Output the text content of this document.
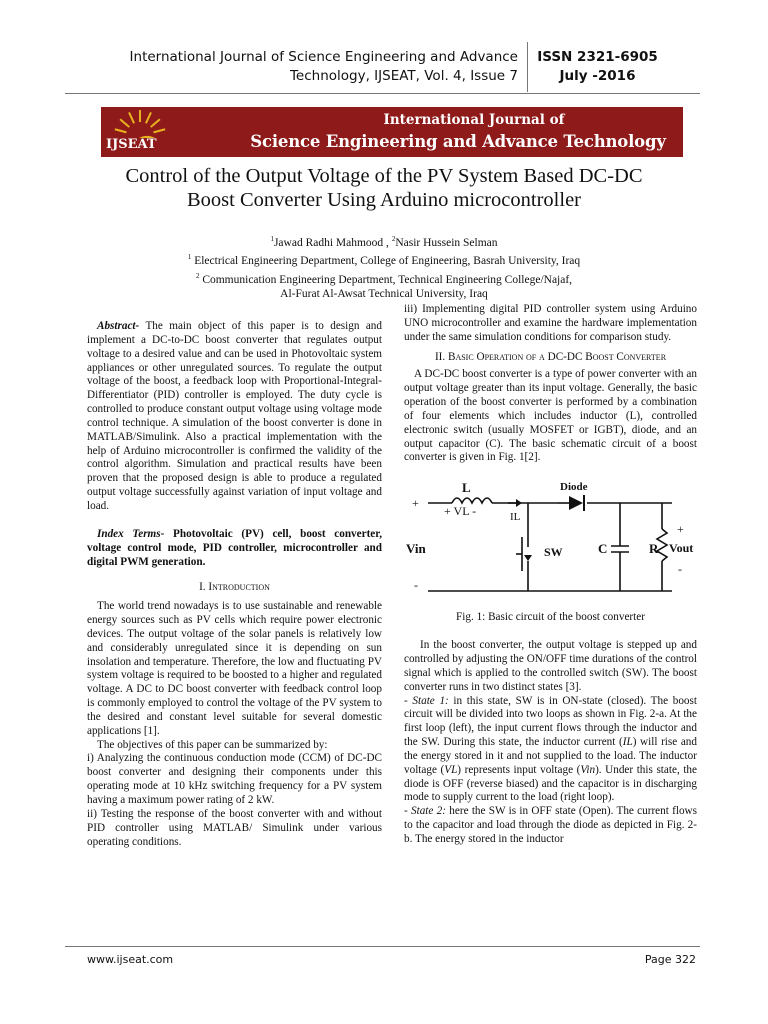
International Journal of Science Engineering and Advance
Technology, IJSEAT, Vol. 4, Issue 7
ISSN 2321-6905
July -2016
IJSEAT
International Journal of
Science Engineering and Advance Technology
Control of the Output Voltage of the PV System Based DC-DC
Boost Converter Using Arduino microcontroller
$^1$Jawad Radhi Mahmood , $^2$Nasir Hussein Selman
$^1$ Electrical Engineering Department, College of Engineering, Basrah University, Iraq
$^2$ Communication Engineering Department, Technical Engineering College/Najaf,
Al-Furat Al-Awsat Technical University, Iraq

Abstract- The main object of this paper is to design and implement a DC-to-DC boost converter that regulates output voltage to a desired value and can be used in Photovoltaic system appliances or other unregulated sources. To regulate the output voltage of the boost, a feedback loop with Proportional-Integral-Differentiator (PID) controller is employed. The duty cycle is controlled to produce constant output voltage using voltage mode control technique. A simulation of the boost converter is done in MATLAB/Simulink. Also a practical implementation with the help of Arduino microcontroller is confirmed the validity of the control algorithm. Simulation and practical results have been proven that the proposed design is able to produce a regulated output voltage successfully against variation of input voltage and load.

Index Terms- Photovoltaic (PV) cell, boost converter, voltage control mode, PID controller, microcontroller and digital PWM generation.

I. Introduction

The world trend nowadays is to use sustainable and renewable energy sources such as PV cells which require power electronic devices. The output voltage of the solar panels is relatively low and considerably unregulated since it is depending on sun insolation and temperature. Therefore, the low and fluctuating PV system voltage is required to be boosted to a higher and regulated voltage. A DC to DC boost converter with feedback control loop is commonly employed to control the voltage of the PV system to the desired and constant level suitable for several domestic applications [1].

The objectives of this paper can be summarized by:

i) Analyzing the continuous conduction mode (CCM) of DC-DC boost converter and designing their components under this operating mode at 10 kHz switching frequency for a PV system having a maximum power rating of 2 kW.

ii) Testing the response of the boost converter with and without PID controller using MATLAB/ Simulink under various operating conditions.

iii) Implementing digital PID controller system using Arduino UNO microcontroller and examine the hardware implementation under the same simulation conditions for comparison study.

II. Basic Operation of a DC-DC Boost Converter

A DC-DC boost converter is a type of power converter with an output voltage greater than its input voltage. Generally, the basic operation of the boost converter is performed by a combination of four elements which includes inductor (L), controlled electronic switch (usually MOSFET or IGBT), diode, and an output capacitor (C). The basic schematic circuit of a boost converter is given in Fig. 1[2].

L
+ VL -	IL
Diode
SW	C	R
Vin	Vout
+
-
+
-

Fig. 1: Basic circuit of the boost converter

In the boost converter, the output voltage is stepped up and controlled by adjusting the ON/OFF time durations of the control signal which is applied to the controlled switch (SW). The boost converter runs in two distinct states [3].

- State 1: in this state, SW is in ON-state (closed). The boost circuit will be divided into two loops as shown in Fig. 2-a. At the first loop (left), the input current flows through the inductor and the SW. During this state, the inductor current (IL) will rise and the energy stored in it and not supplied to the load. The inductor voltage (VL) represents input voltage (Vin). Under this state, the diode is OFF (reverse biased) and the capacitor is in discharging mode to supply current to the load (right loop).

- State 2: here the SW is in OFF state (Open). The current flows to the capacitor and load through the diode as depicted in Fig. 2-b. The energy stored in the inductor

www.ijseat.com	Page 322
